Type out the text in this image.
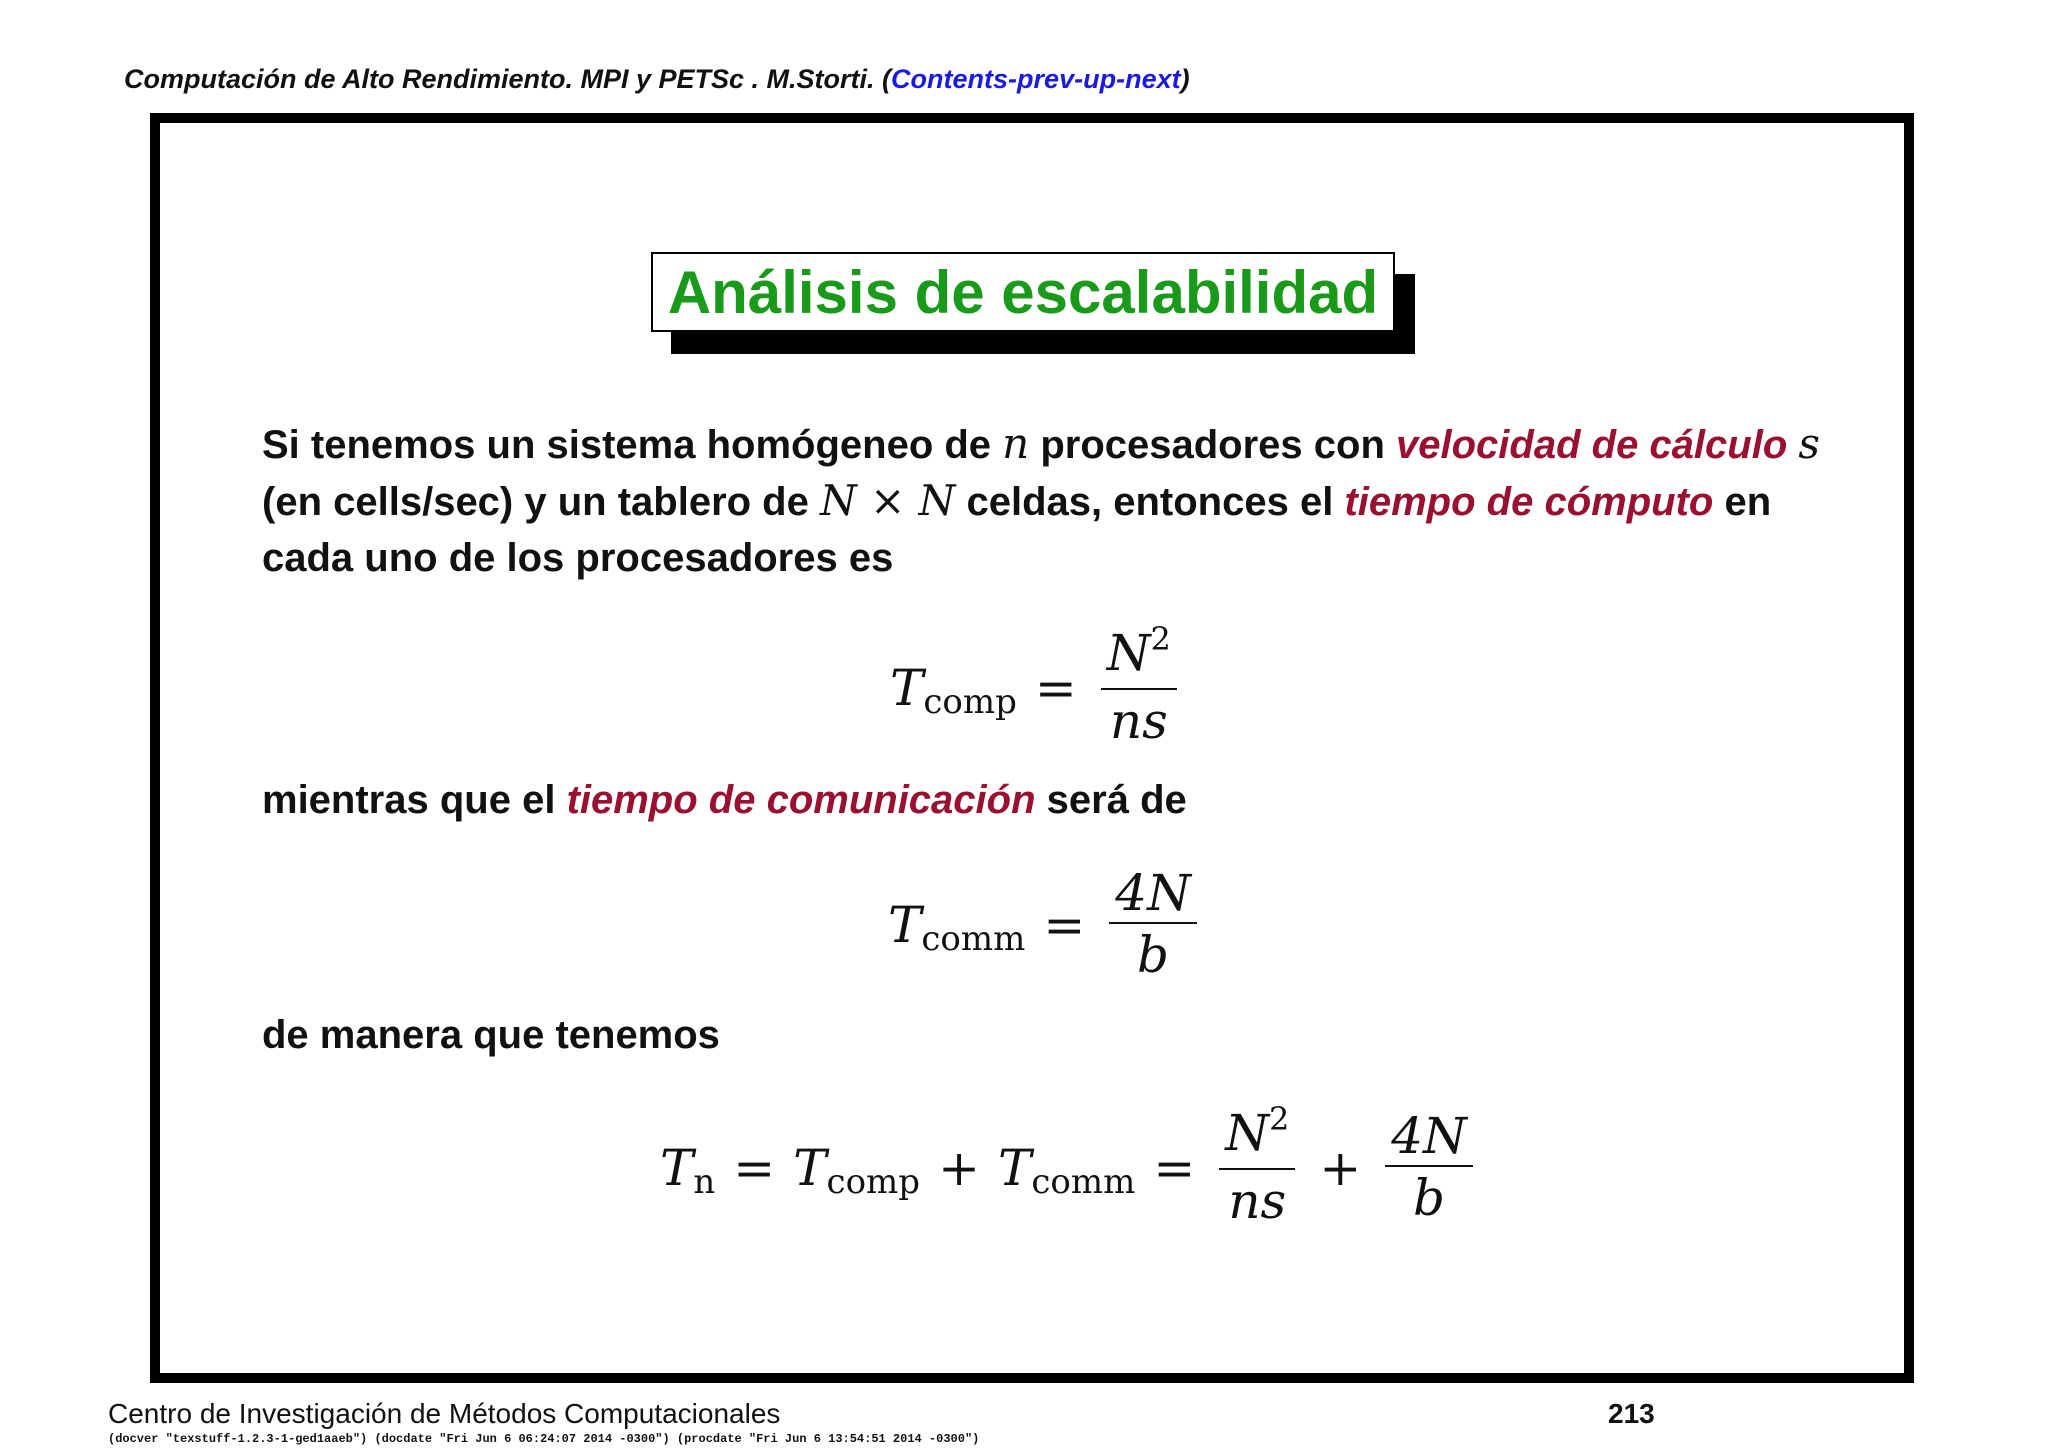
Computación de Alto Rendimiento. MPI y PETSc . M.Storti. (Contents-prev-up-next)
Análisis de escalabilidad
Si tenemos un sistema homógeneo de n procesadores con velocidad de cálculo s (en cells/sec) y un tablero de N × N celdas, entonces el tiempo de cómputo en cada uno de los procesadores es
T comp = $\frac{N^2}{ns}$
mientras que el tiempo de comunicación será de
T comm = $\frac{4N}{b}$
de manera que tenemos
T n = T comp + T comm = $\frac{N^2}{ns} + \frac{4N}{b}$
Centro de Investigación de Métodos Computacionales	213
(docver "texstuff-1.2.3-1-ged1aaeb") (docdate "Fri Jun 6 06:24:07 2014 -0300") (procdate "Fri Jun 6 13:54:51 2014 -0300")
